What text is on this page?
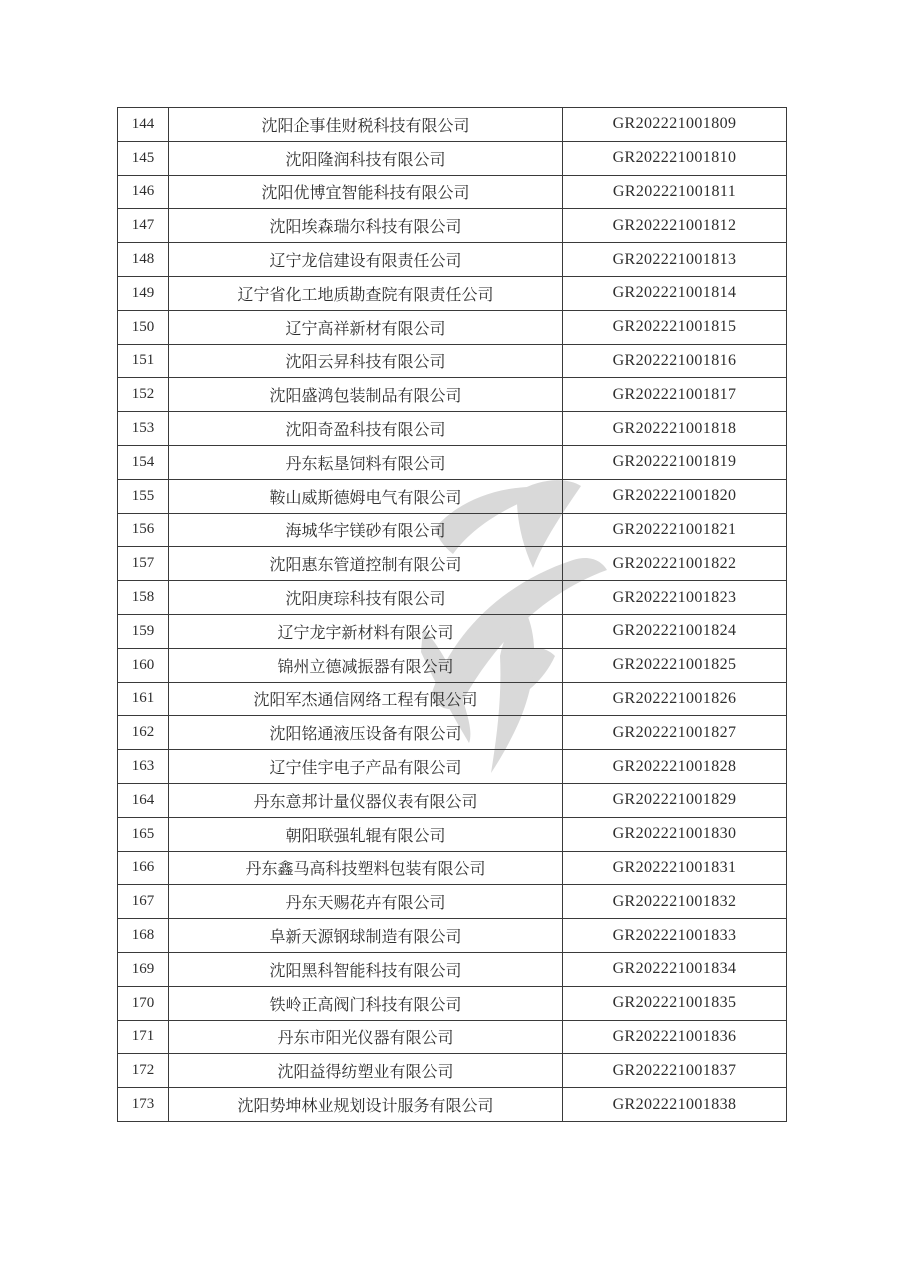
144	沈阳企事佳财税科技有限公司	GR202221001809
145	沈阳隆润科技有限公司	GR202221001810
146	沈阳优博宜智能科技有限公司	GR202221001811
147	沈阳埃森瑞尔科技有限公司	GR202221001812
148	辽宁龙信建设有限责任公司	GR202221001813
149	辽宁省化工地质勘查院有限责任公司	GR202221001814
150	辽宁高祥新材有限公司	GR202221001815
151	沈阳云昇科技有限公司	GR202221001816
152	沈阳盛鸿包装制品有限公司	GR202221001817
153	沈阳奇盈科技有限公司	GR202221001818
154	丹东耘垦饲料有限公司	GR202221001819
155	鞍山威斯德姆电气有限公司	GR202221001820
156	海城华宇镁砂有限公司	GR202221001821
157	沈阳惠东管道控制有限公司	GR202221001822
158	沈阳庚琮科技有限公司	GR202221001823
159	辽宁龙宇新材料有限公司	GR202221001824
160	锦州立德减振器有限公司	GR202221001825
161	沈阳军杰通信网络工程有限公司	GR202221001826
162	沈阳铭通液压设备有限公司	GR202221001827
163	辽宁佳宇电子产品有限公司	GR202221001828
164	丹东意邦计量仪器仪表有限公司	GR202221001829
165	朝阳联强轧辊有限公司	GR202221001830
166	丹东鑫马高科技塑料包装有限公司	GR202221001831
167	丹东天赐花卉有限公司	GR202221001832
168	阜新天源钢球制造有限公司	GR202221001833
169	沈阳黑科智能科技有限公司	GR202221001834
170	铁岭正高阀门科技有限公司	GR202221001835
171	丹东市阳光仪器有限公司	GR202221001836
172	沈阳益得纺塑业有限公司	GR202221001837
173	沈阳势坤林业规划设计服务有限公司	GR202221001838
